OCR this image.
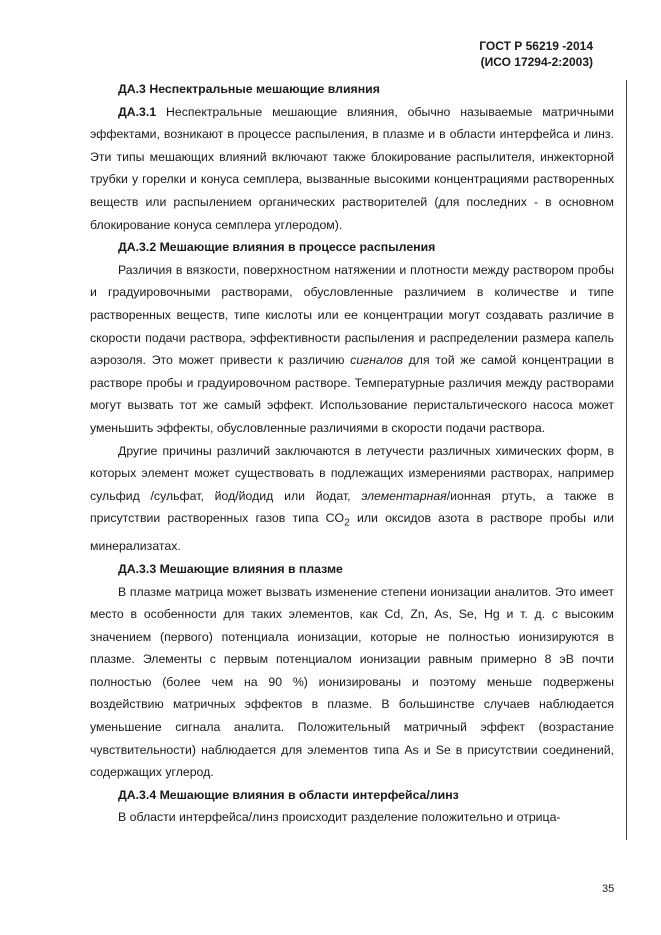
ГОСТ Р 56219 -2014
(ИСО 17294-2:2003)
ДА.3 Неспектральные мешающие влияния

ДА.3.1 Неспектральные мешающие влияния, обычно называемые матричными эффектами, возникают в процессе распыления, в плазме и в области интерфейса и линз. Эти типы мешающих влияний включают также блокирование распылителя, инжекторной трубки у горелки и конуса семплера, вызванные высокими концентрациями растворенных веществ или распылением органических растворителей (для последних - в основном блокирование конуса семплера углеродом).

ДА.3.2 Мешающие влияния в процессе распыления

Различия в вязкости, поверхностном натяжении и плотности между раствором пробы и градуировочными растворами, обусловленные различием в количестве и типе растворенных веществ, типе кислоты или ее концентрации могут создавать различие в скорости подачи раствора, эффективности распыления и распределении размера капель аэрозоля. Это может привести к различию сигналов для той же самой концентрации в растворе пробы и градуировочном растворе. Температурные различия между растворами могут вызвать тот же самый эффект. Использование перистальтического насоса может уменьшить эффекты, обусловленные различиями в скорости подачи раствора.

Другие причины различий заключаются в летучести различных химических форм, в которых элемент может существовать в подлежащих измерениями растворах, например сульфид /сульфат, йод/йодид или йодат, элементарная/ионная ртуть, а также в присутствии растворенных газов типа $CO_2$ или оксидов азота в растворе пробы или минерализатах.

ДА.3.3 Мешающие влияния в плазме

В плазме матрица может вызвать изменение степени ионизации аналитов. Это имеет место в особенности для таких элементов, как Cd, Zn, As, Se, Hg и т. д. с высоким значением (первого) потенциала ионизации, которые не полностью ионизируются в плазме. Элементы с первым потенциалом ионизации равным примерно 8 эВ почти полностью (более чем на 90 %) ионизированы и поэтому меньше подвержены воздействию матричных эффектов в плазме. В большинстве случаев наблюдается уменьшение сигнала аналита. Положительный матричный эффект (возрастание чувствительности) наблюдается для элементов типа As и Se в присутствии соединений, содержащих углерод.

ДА.3.4 Мешающие влияния в области интерфейса/линз

В области интерфейса/линз происходит разделение положительно и отрица-

35
